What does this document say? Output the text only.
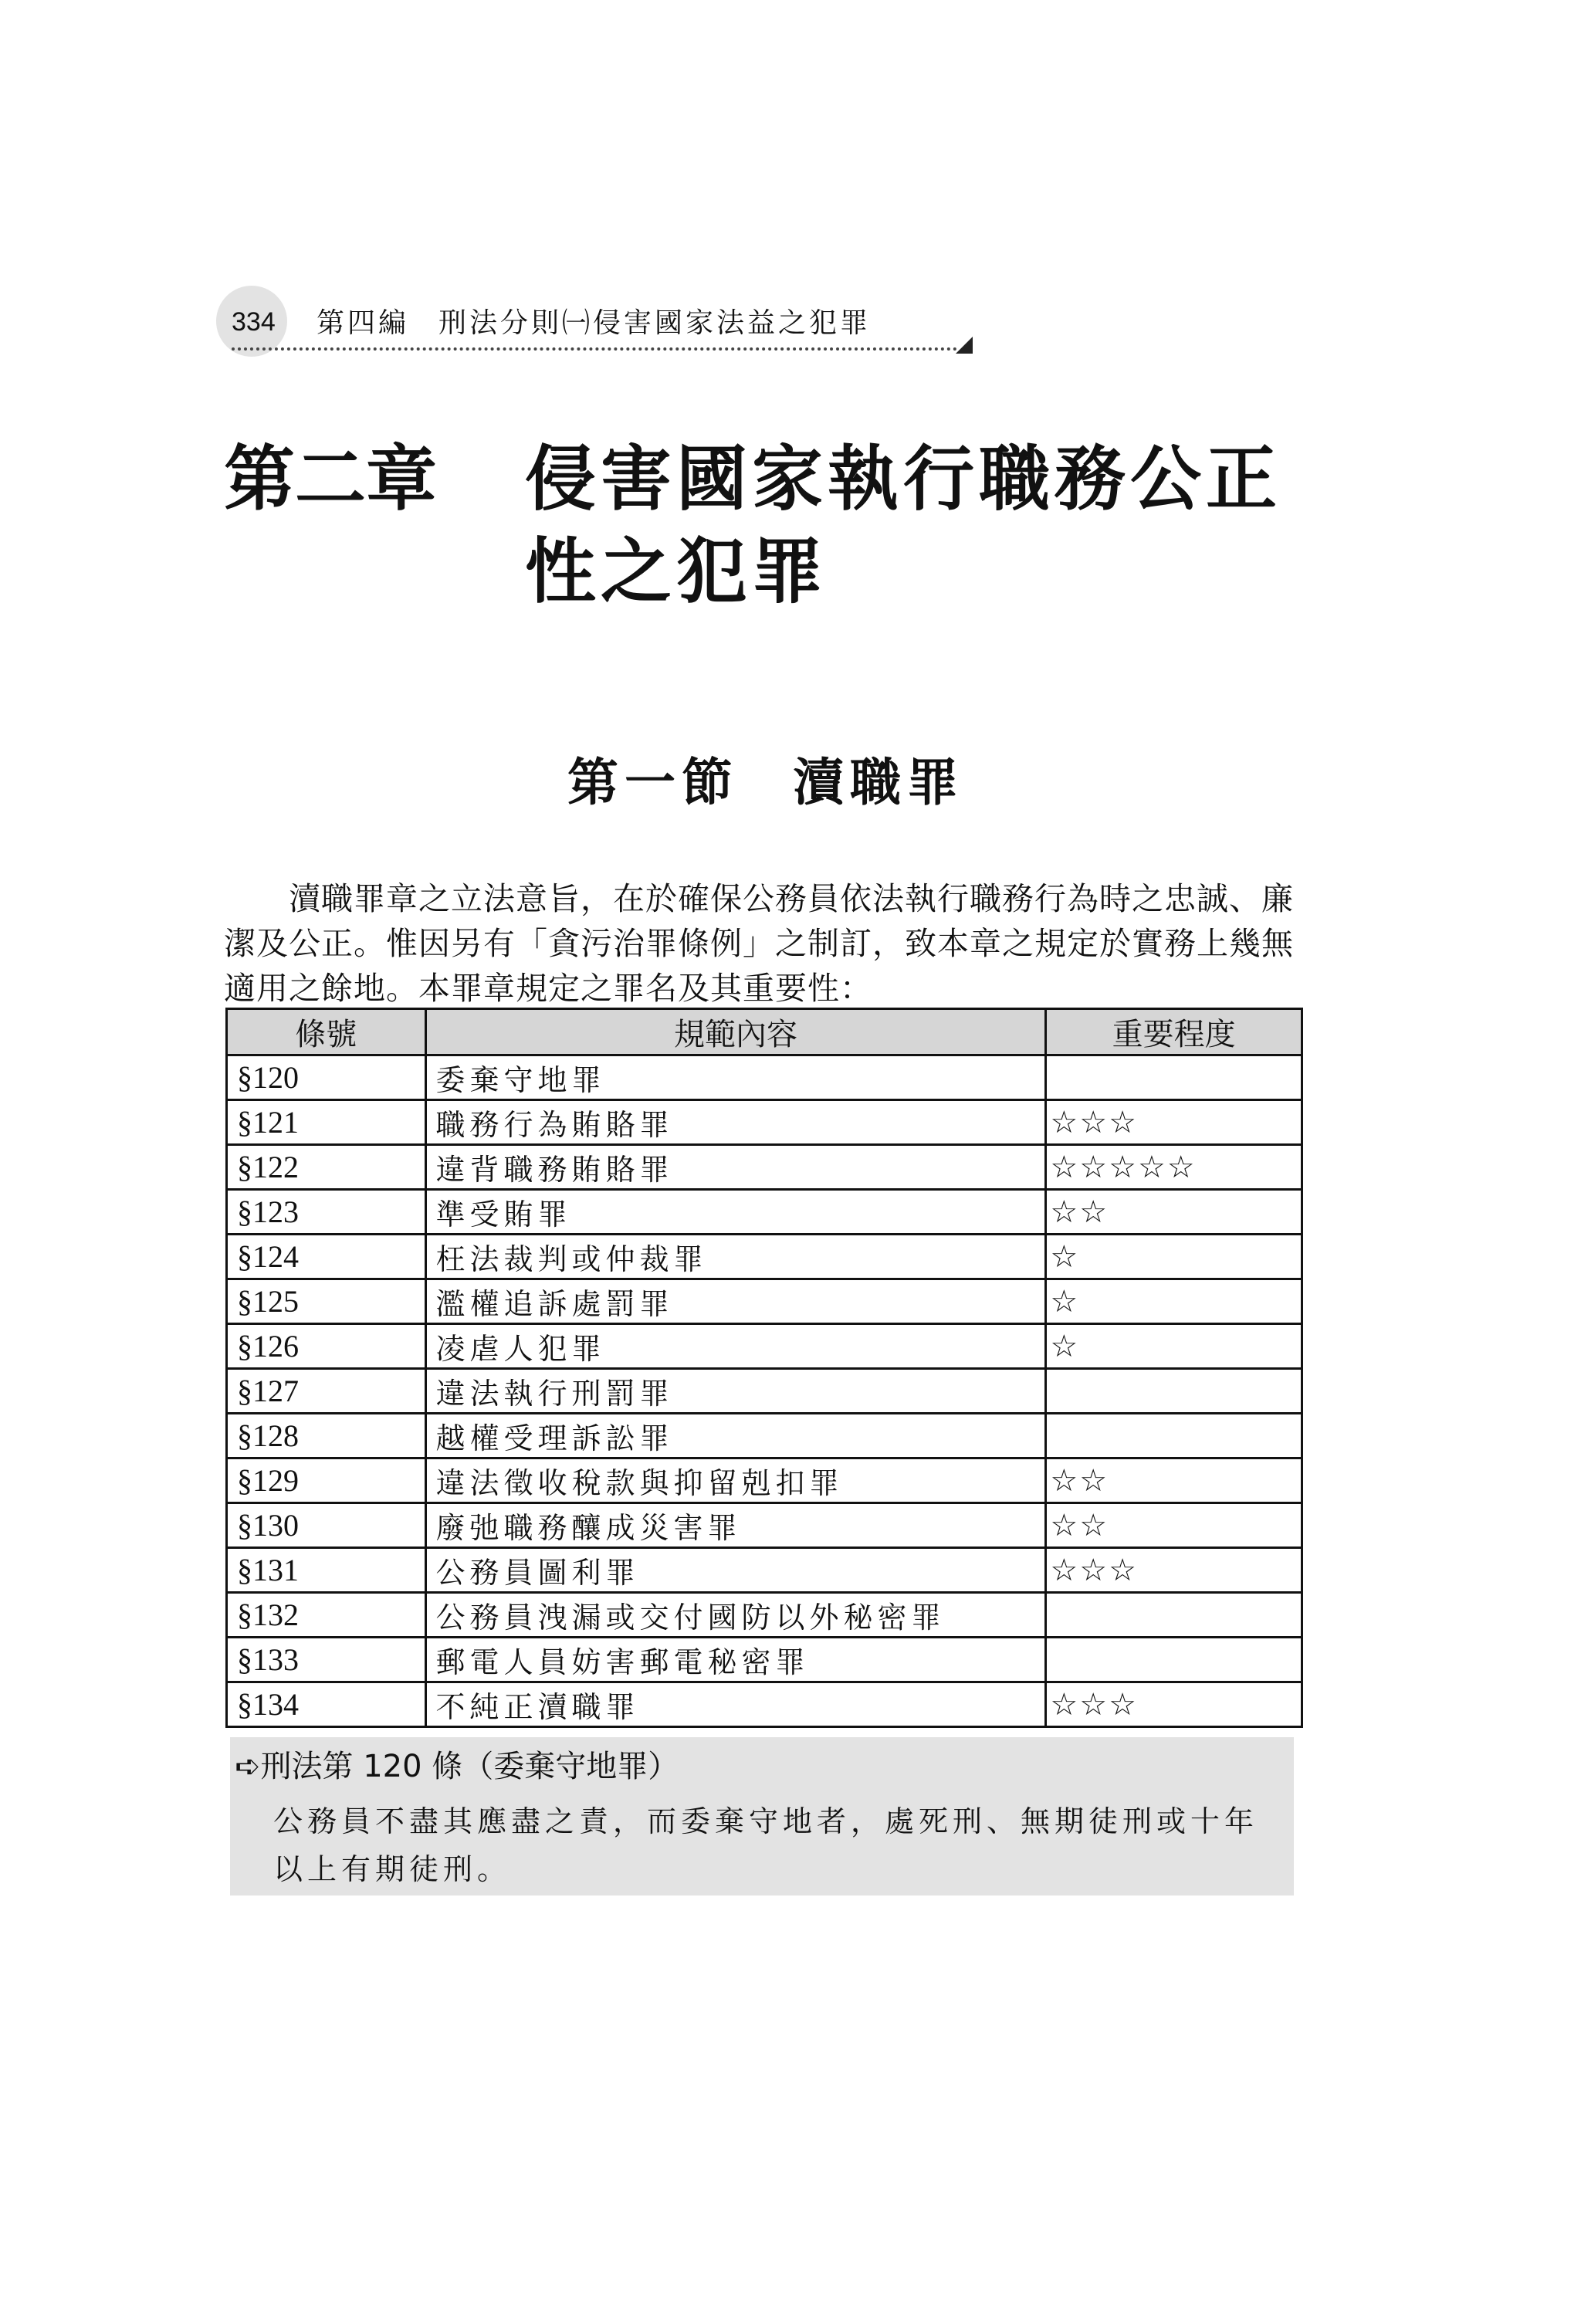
334 第四編 刑法分則㈠侵害國家法益之犯罪
第二章 侵害國家執行職務公正性之犯罪
第一節 瀆職罪
　　瀆職罪章之立法意旨，在於確保公務員依法執行職務行為時之忠誠、廉潔及公正。惟因另有「貪污治罪條例」之制訂，致本章之規定於實務上幾無適用之餘地。本罪章規定之罪名及其重要性：
條號	規範內容	重要程度
§120	委棄守地罪	
§121	職務行為賄賂罪	☆☆☆
§122	違背職務賄賂罪	☆☆☆☆☆
§123	準受賄罪	☆☆
§124	枉法裁判或仲裁罪	☆
§125	濫權追訴處罰罪	☆
§126	凌虐人犯罪	☆
§127	違法執行刑罰罪	
§128	越權受理訴訟罪	
§129	違法徵收稅款與抑留剋扣罪	☆☆
§130	廢弛職務釀成災害罪	☆☆
§131	公務員圖利罪	☆☆☆
§132	公務員洩漏或交付國防以外秘密罪	
§133	郵電人員妨害郵電秘密罪	
§134	不純正瀆職罪	☆☆☆
➪刑法第 120 條（委棄守地罪）
公務員不盡其應盡之責，而委棄守地者，處死刑、無期徒刑或十年以上有期徒刑。
